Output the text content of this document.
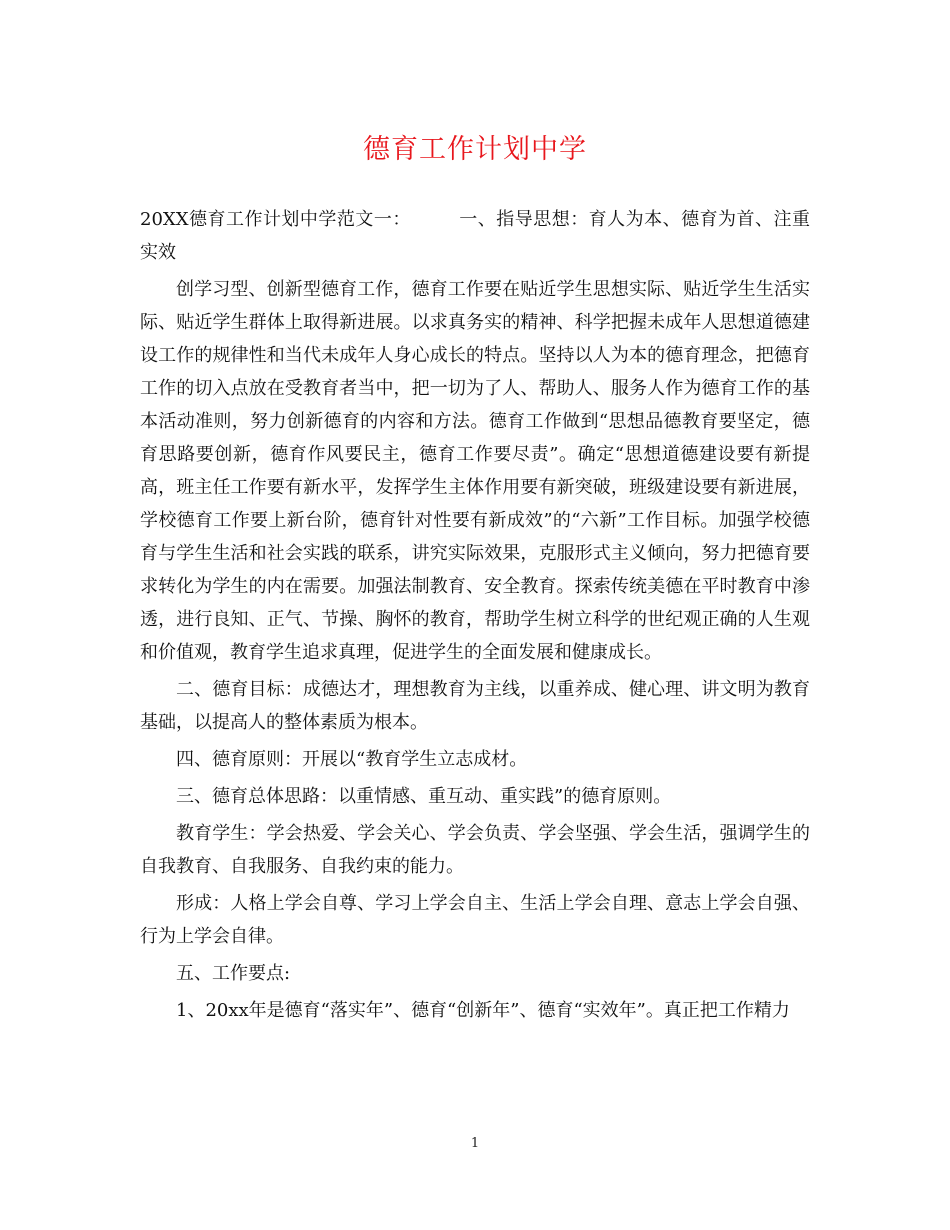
德育工作计划中学

20XX德育工作计划中学范文一：	一、指导思想：育人为本、德育为首、注重实效

创学习型、创新型德育工作，德育工作要在贴近学生思想实际、贴近学生生活实际、贴近学生群体上取得新进展。以求真务实的精神、科学把握未成年人思想道德建设工作的规律性和当代未成年人身心成长的特点。坚持以人为本的德育理念，把德育工作的切入点放在受教育者当中，把一切为了人、帮助人、服务人作为德育工作的基本活动准则，努力创新德育的内容和方法。德育工作做到“思想品德教育要坚定，德育思路要创新，德育作风要民主，德育工作要尽责”。确定“思想道德建设要有新提高，班主任工作要有新水平，发挥学生主体作用要有新突破，班级建设要有新进展，学校德育工作要上新台阶，德育针对性要有新成效”的“六新”工作目标。加强学校德育与学生生活和社会实践的联系，讲究实际效果，克服形式主义倾向，努力把德育要求转化为学生的内在需要。加强法制教育、安全教育。探索传统美德在平时教育中渗透，进行良知、正气、节操、胸怀的教育，帮助学生树立科学的世纪观正确的人生观和价值观，教育学生追求真理，促进学生的全面发展和健康成长。

二、德育目标：成德达才，理想教育为主线，以重养成、健心理、讲文明为教育基础，以提高人的整体素质为根本。

四、德育原则：开展以“教育学生立志成材。

三、德育总体思路：以重情感、重互动、重实践”的德育原则。

教育学生：学会热爱、学会关心、学会负责、学会坚强、学会生活，强调学生的自我教育、自我服务、自我约束的能力。

形成：人格上学会自尊、学习上学会自主、生活上学会自理、意志上学会自强、行为上学会自律。

五、工作要点:

1、20xx年是德育“落实年”、德育“创新年”、德育“实效年”。真正把工作精力

1
